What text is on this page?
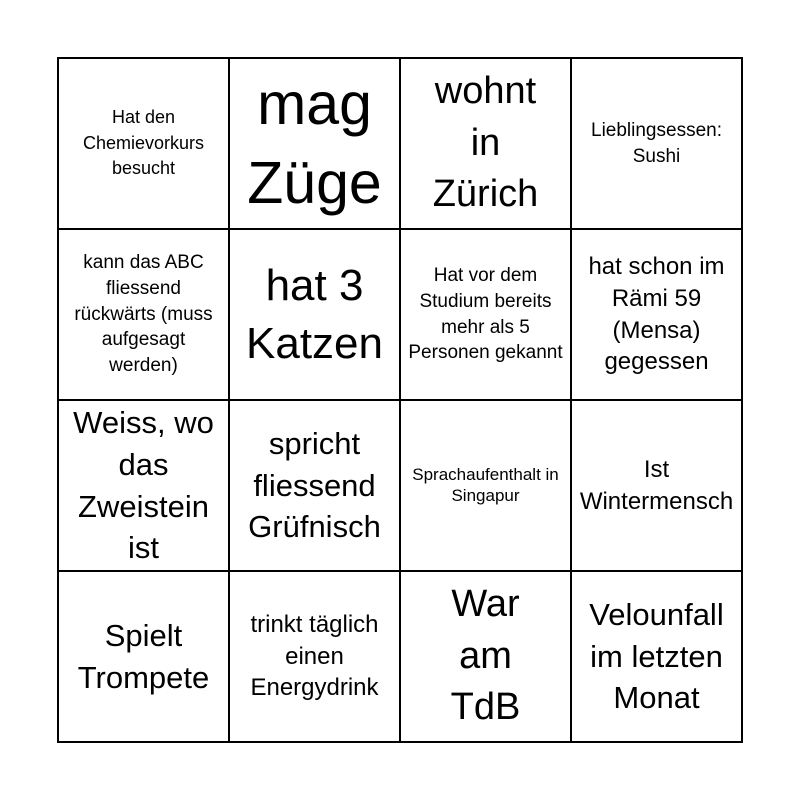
Hat den Chemievorkurs besucht
mag Züge
wohnt in Zürich
Lieblingsessen: Sushi
kann das ABC fliessend rückwärts (muss aufgesagt werden)
hat 3 Katzen
Hat vor dem Studium bereits mehr als 5 Personen gekannt
hat schon im Rämi 59 (Mensa) gegessen
Weiss, wo das Zweistein ist
spricht fliessend Grüfnisch
Sprachaufenthalt in Singapur
Ist Wintermensch
Spielt Trompete
trinkt täglich einen Energydrink
War am TdB
Velounfall im letzten Monat
